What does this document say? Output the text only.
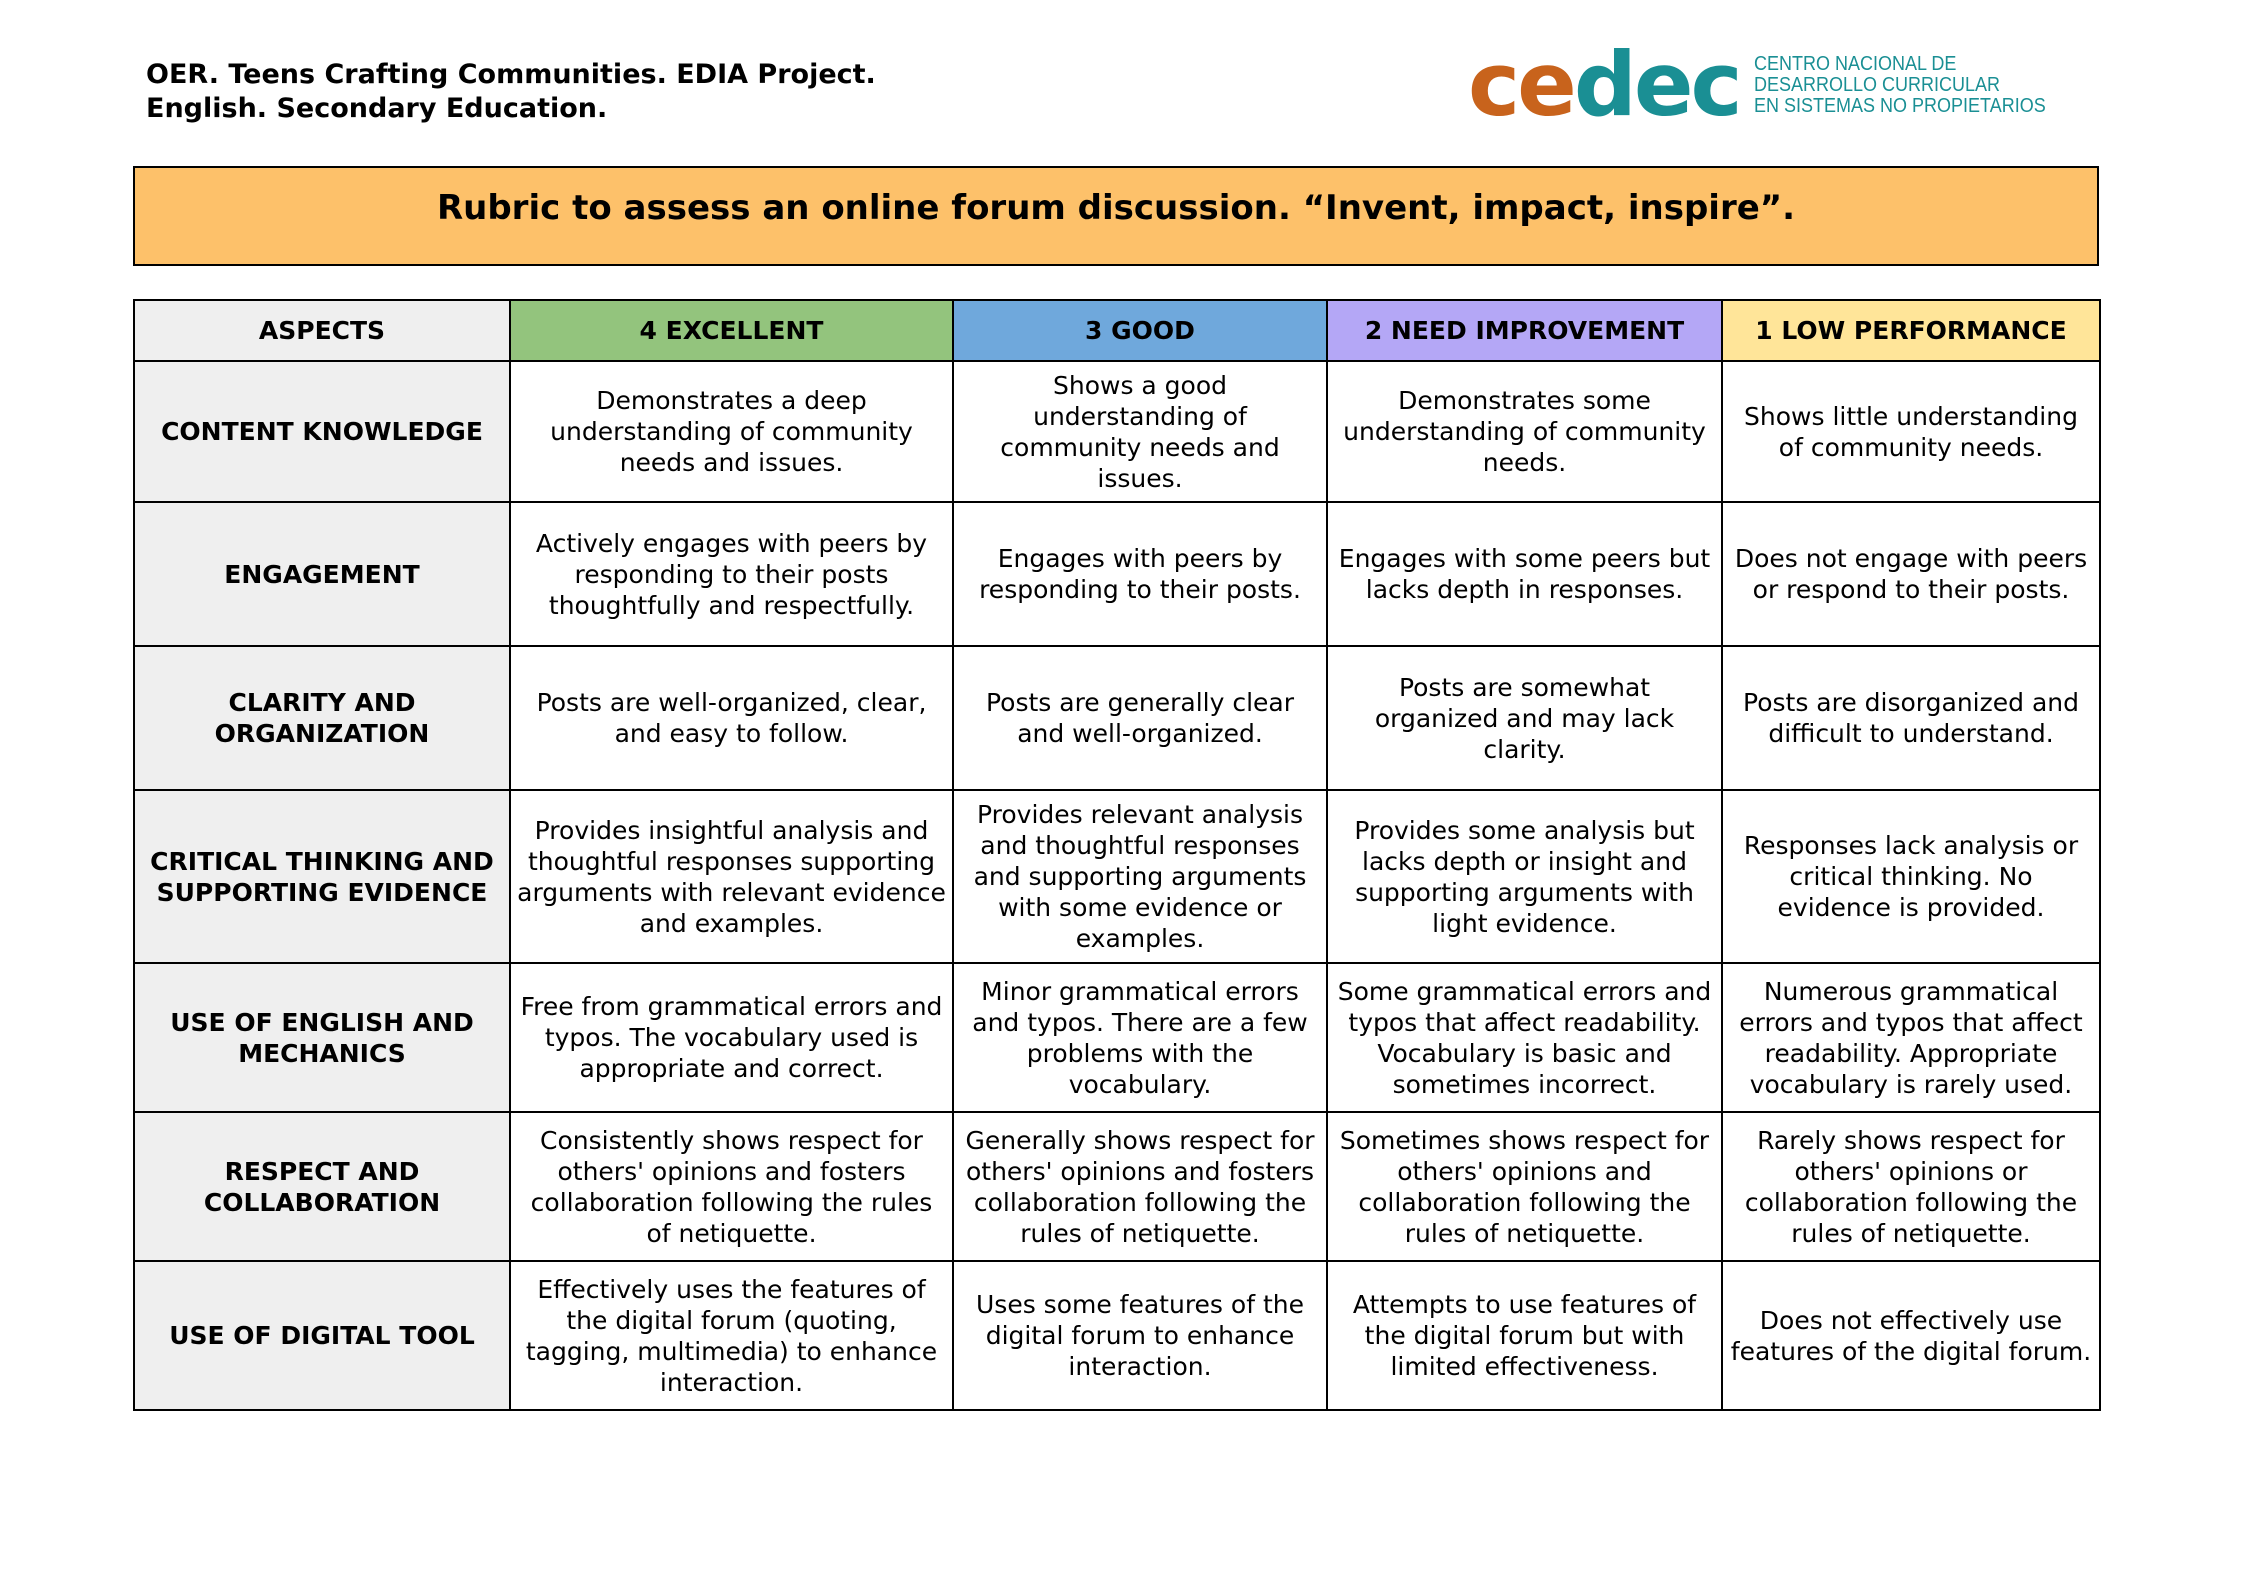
OER. Teens Crafting Communities. EDIA Project.
English. Secondary Education.	cedec CENTRO NACIONAL DE
DESARROLLO CURRICULAR
EN SISTEMAS NO PROPIETARIOS
Rubric to assess an online forum discussion. “Invent, impact, inspire”.
ASPECTS	4 EXCELLENT	3 GOOD	2 NEED IMPROVEMENT	1 LOW PERFORMANCE
CONTENT KNOWLEDGE	Demonstrates a deep understanding of community needs and issues.	Shows a good understanding of community needs and issues.	Demonstrates some understanding of community needs.	Shows little understanding of community needs.
ENGAGEMENT	Actively engages with peers by responding to their posts thoughtfully and respectfully.	Engages with peers by responding to their posts.	Engages with some peers but lacks depth in responses.	Does not engage with peers or respond to their posts.
CLARITY AND ORGANIZATION	Posts are well-organized, clear, and easy to follow.	Posts are generally clear and well-organized.	Posts are somewhat organized and may lack clarity.	Posts are disorganized and difficult to understand.
CRITICAL THINKING AND SUPPORTING EVIDENCE	Provides insightful analysis and thoughtful responses supporting arguments with relevant evidence and examples.	Provides relevant analysis and thoughtful responses and supporting arguments with some evidence or examples.	Provides some analysis but lacks depth or insight and supporting arguments with light evidence.	Responses lack analysis or critical thinking. No evidence is provided.
USE OF ENGLISH AND MECHANICS	Free from grammatical errors and typos. The vocabulary used is appropriate and correct.	Minor grammatical errors and typos. There are a few problems with the vocabulary.	Some grammatical errors and typos that affect readability. Vocabulary is basic and sometimes incorrect.	Numerous grammatical errors and typos that affect readability. Appropriate vocabulary is rarely used.
RESPECT AND COLLABORATION	Consistently shows respect for others' opinions and fosters collaboration following the rules of netiquette.	Generally shows respect for others' opinions and fosters collaboration following the rules of netiquette.	Sometimes shows respect for others' opinions and collaboration following the rules of netiquette.	Rarely shows respect for others' opinions or collaboration following the rules of netiquette.
USE OF DIGITAL TOOL	Effectively uses the features of the digital forum (quoting, tagging, multimedia) to enhance interaction.	Uses some features of the digital forum to enhance interaction.	Attempts to use features of the digital forum but with limited effectiveness.	Does not effectively use features of the digital forum.
